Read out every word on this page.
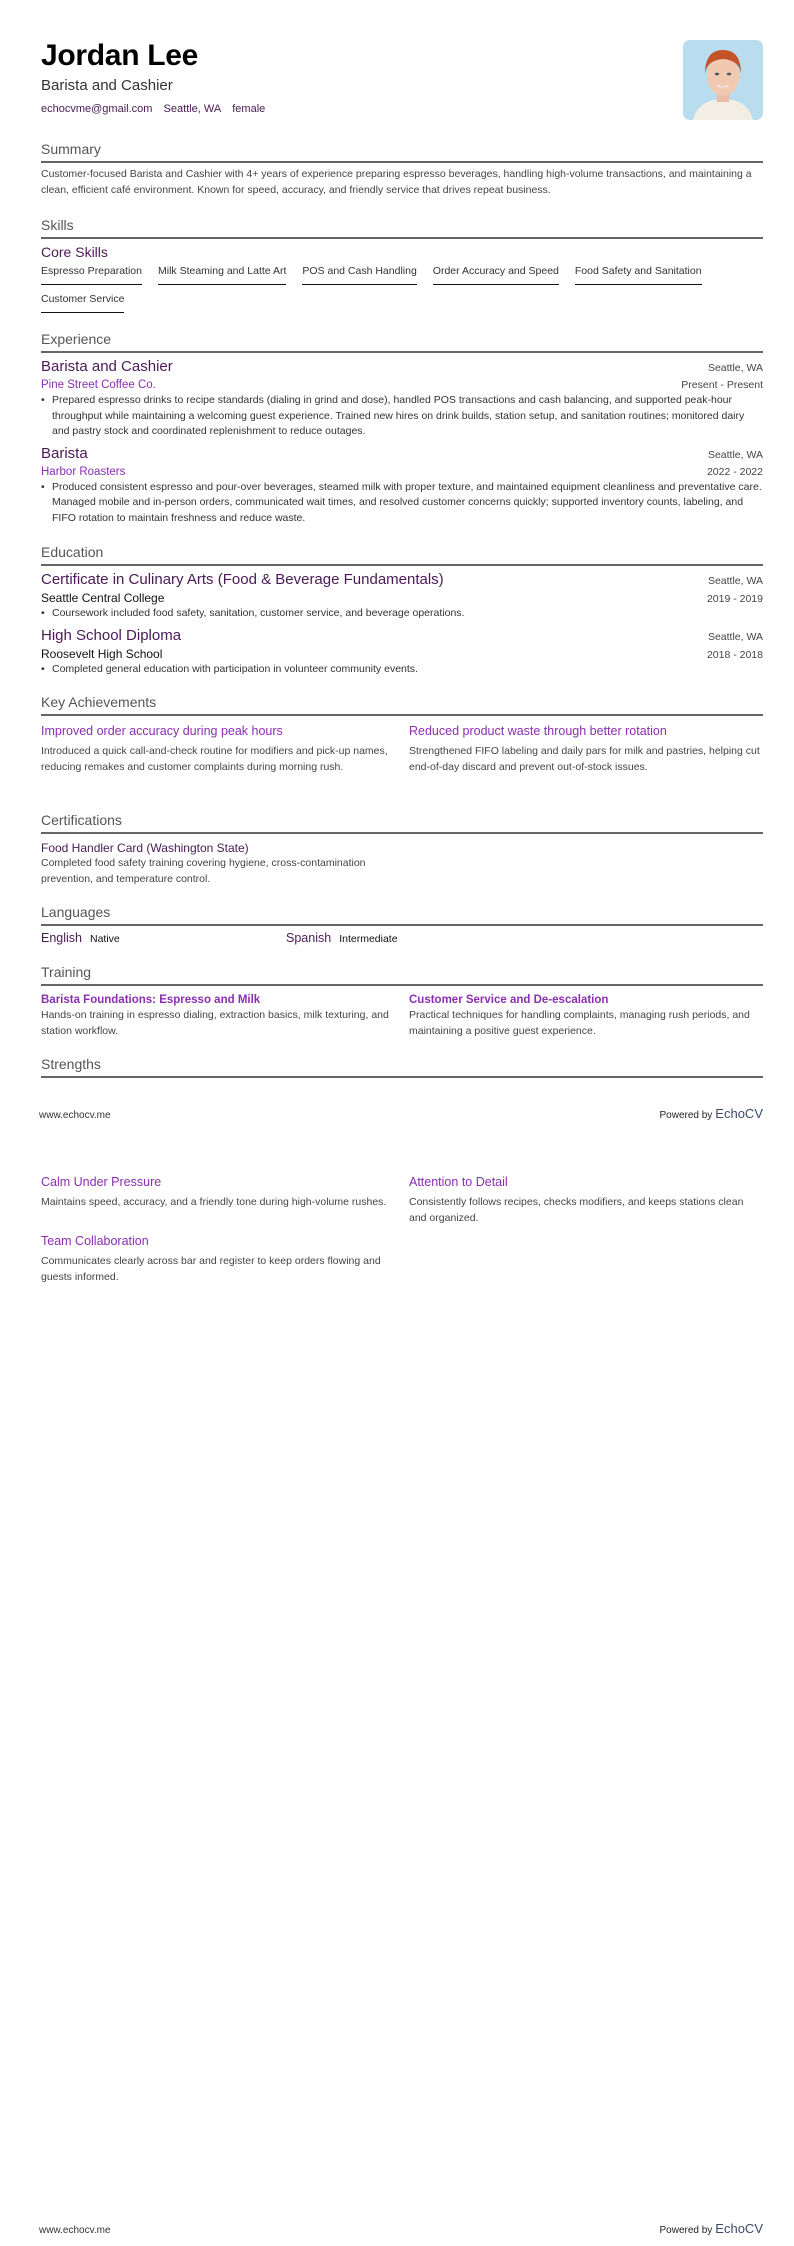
Jordan Lee
Barista and Cashier
echocvme@gmail.com Seattle, WA female
Summary
Customer-focused Barista and Cashier with 4+ years of experience preparing espresso beverages, handling high-volume transactions, and maintaining a clean, efficient café environment. Known for speed, accuracy, and friendly service that drives repeat business.
Skills
Core Skills
Espresso Preparation Milk Steaming and Latte Art POS and Cash Handling Order Accuracy and Speed Food Safety and Sanitation
Customer Service
Experience
Barista and Cashier	Seattle, WA
Pine Street Coffee Co.	Present - Present
• Prepared espresso drinks to recipe standards (dialing in grind and dose), handled POS transactions and cash balancing, and supported peak-hour throughput while maintaining a welcoming guest experience. Trained new hires on drink builds, station setup, and sanitation routines; monitored dairy and pastry stock and coordinated replenishment to reduce outages.
Barista	Seattle, WA
Harbor Roasters	2022 - 2022
• Produced consistent espresso and pour-over beverages, steamed milk with proper texture, and maintained equipment cleanliness and preventative care. Managed mobile and in-person orders, communicated wait times, and resolved customer concerns quickly; supported inventory counts, labeling, and FIFO rotation to maintain freshness and reduce waste.
Education
Certificate in Culinary Arts (Food & Beverage Fundamentals)	Seattle, WA
Seattle Central College	2019 - 2019
• Coursework included food safety, sanitation, customer service, and beverage operations.
High School Diploma	Seattle, WA
Roosevelt High School	2018 - 2018
• Completed general education with participation in volunteer community events.
Key Achievements
Improved order accuracy during peak hours
Introduced a quick call-and-check routine for modifiers and pick-up names, reducing remakes and customer complaints during morning rush.
Reduced product waste through better rotation
Strengthened FIFO labeling and daily pars for milk and pastries, helping cut end-of-day discard and prevent out-of-stock issues.
Certifications
Food Handler Card (Washington State)
Completed food safety training covering hygiene, cross-contamination prevention, and temperature control.
Languages
English Native	Spanish Intermediate
Training
Barista Foundations: Espresso and Milk
Hands-on training in espresso dialing, extraction basics, milk texturing, and station workflow.
Customer Service and De-escalation
Practical techniques for handling complaints, managing rush periods, and maintaining a positive guest experience.
Strengths
www.echocv.me	Powered by EchoCV
Calm Under Pressure
Maintains speed, accuracy, and a friendly tone during high-volume rushes.
Attention to Detail
Consistently follows recipes, checks modifiers, and keeps stations clean and organized.
Team Collaboration
Communicates clearly across bar and register to keep orders flowing and guests informed.
www.echocv.me	Powered by EchoCV
